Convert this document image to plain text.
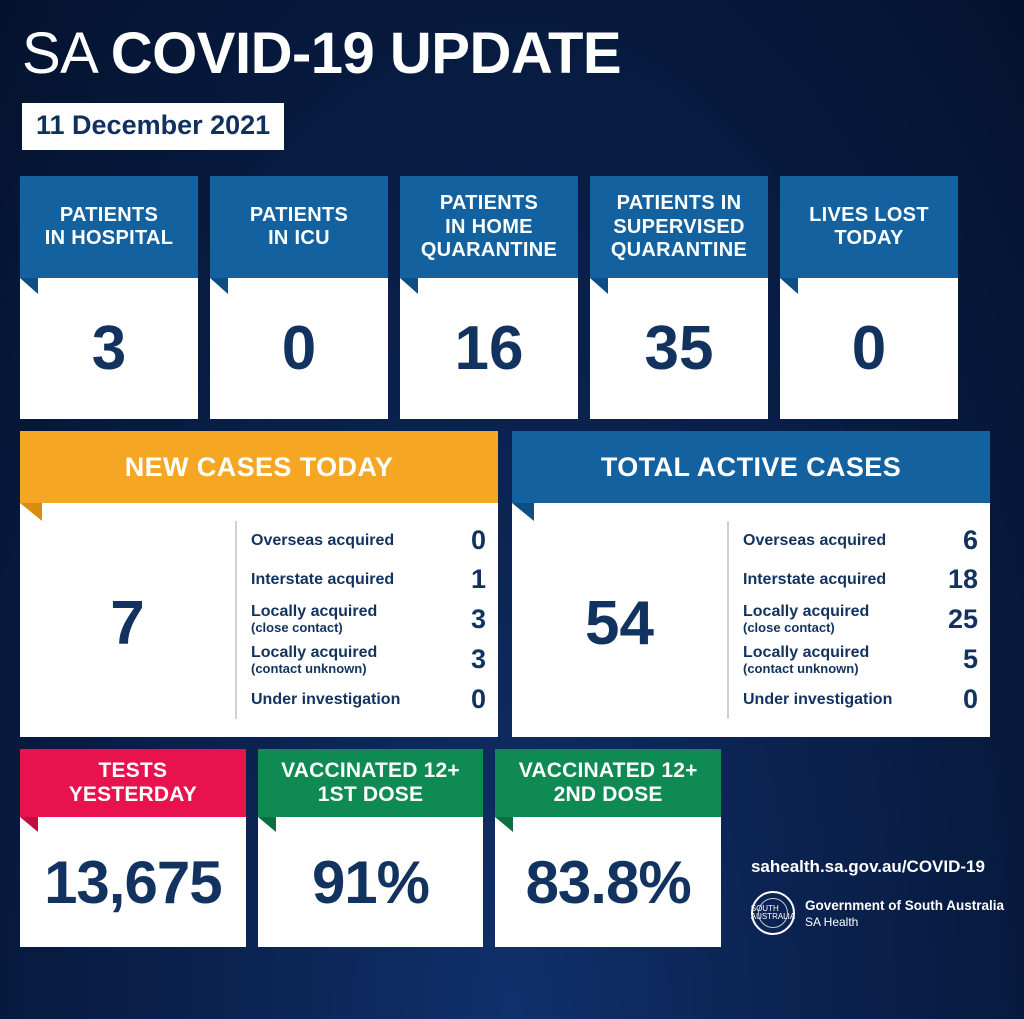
SA COVID-19 UPDATE
11 December 2021
PATIENTS
IN HOSPITAL
3
PATIENTS
IN ICU
0
PATIENTS
IN HOME
QUARANTINE
16
PATIENTS IN
SUPERVISED
QUARANTINE
35
LIVES LOST
TODAY
0
NEW CASES TODAY
7
Overseas acquired	0
Interstate acquired	1
Locally acquired
(close contact)	3
Locally acquired
(contact unknown)	3
Under investigation	0
TOTAL ACTIVE CASES
54
Overseas acquired	6
Interstate acquired	18
Locally acquired
(close contact)	25
Locally acquired
(contact unknown)	5
Under investigation	0
TESTS
YESTERDAY
13,675
VACCINATED 12+
1ST DOSE
91%
VACCINATED 12+
2ND DOSE
83.8%	sahealth.sa.gov.au/COVID-19
SOUTH AUSTRALIA
Government of South Australia
SA Health
